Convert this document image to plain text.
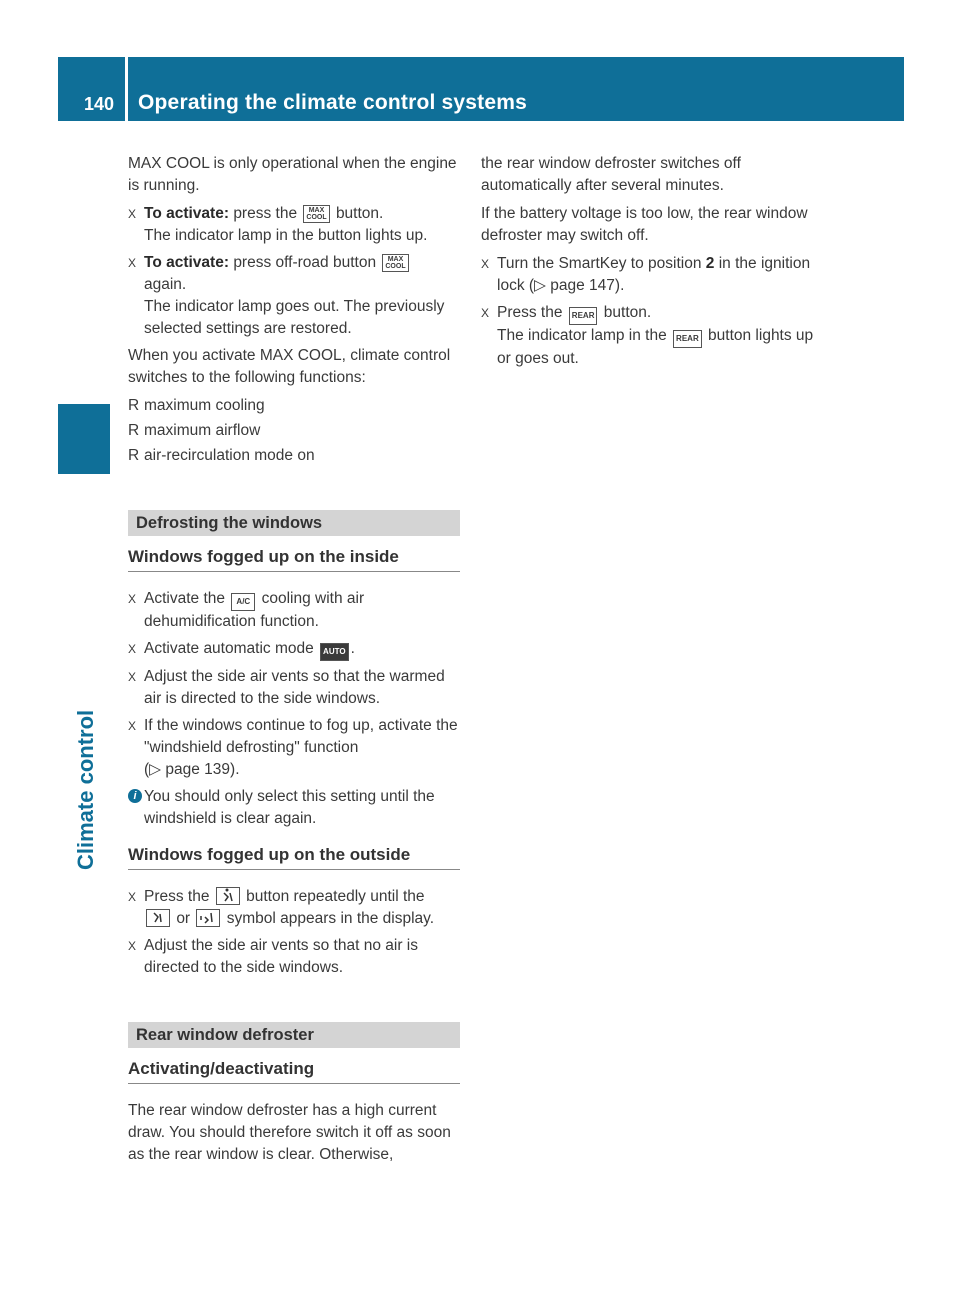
140 Operating the climate control systems
Climate control

MAX COOL is only operational when the engine is running.

X To activate: press the MAX
COOL button.
The indicator lamp in the button lights up.
X To activate: press off-road button MAX
COOL
again.
The indicator lamp goes out. The previously selected settings are restored.

When you activate MAX COOL, climate control switches to the following functions:

R maximum cooling
R maximum airflow
R air-recirculation mode on
Defrosting the windows
Windows fogged up on the inside
X Activate the A/C cooling with air dehumidification function.
X Activate automatic mode AUTO .
X Adjust the side air vents so that the warmed air is directed to the side windows.
X If the windows continue to fog up, activate the "windshield defrosting" function
(▷ page 139).
i You should only select this setting until the windshield is clear again.
Windows fogged up on the outside
X Press the button repeatedly until the
or symbol appears in the display.
X Adjust the side air vents so that no air is directed to the side windows.
Rear window defroster
Activating/deactivating

The rear window defroster has a high current draw. You should therefore switch it off as soon as the rear window is clear. Otherwise,

the rear window defroster switches off automatically after several minutes.

If the battery voltage is too low, the rear window defroster may switch off.

X Turn the SmartKey to position 2 in the ignition lock (▷ page 147).
X Press the REAR button.
The indicator lamp in the REAR button lights up or goes out.
